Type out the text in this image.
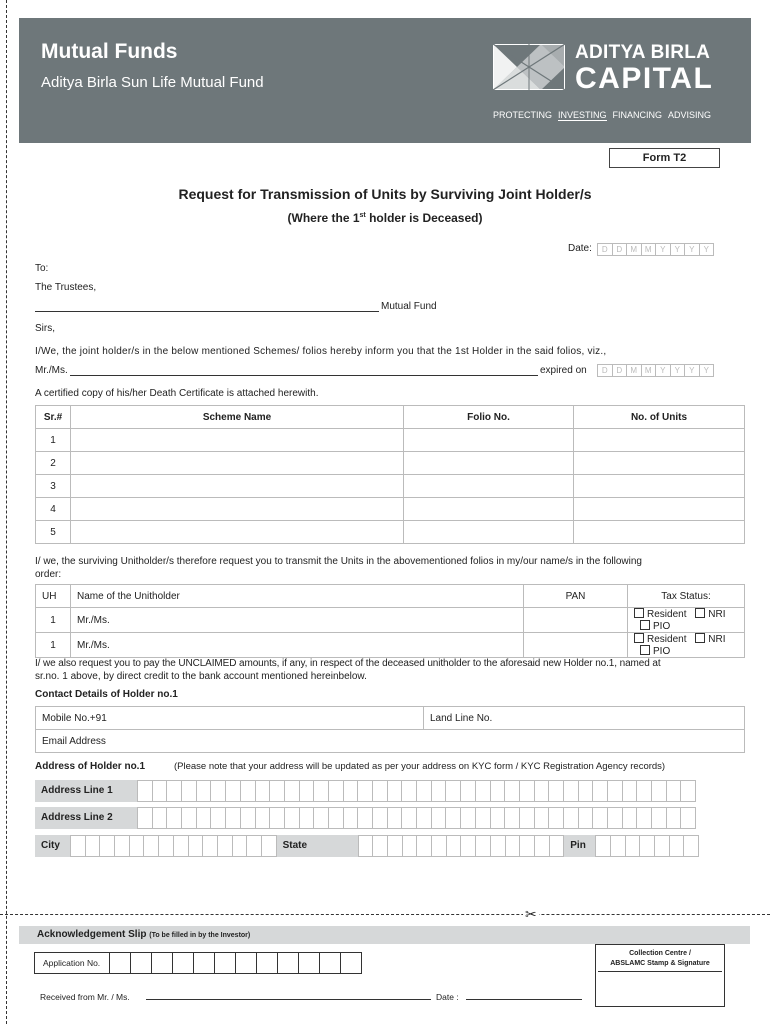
Mutual Funds
Aditya Birla Sun Life Mutual Fund
ADITYA BIRLA
CAPITAL
PROTECTING INVESTING FINANCING ADVISING
Form T2
Request for Transmission of Units by Surviving Joint Holder/s
(Where the 1st holder is Deceased)
Date:	D	D	M M	Y	Y	Y	Y
To:
The Trustees,
Mutual Fund
Sirs,
I/We, the joint holder/s in the below mentioned Schemes/ folios hereby inform you that the 1st Holder in the said folios, viz.,
Mr./Ms.	expired on	D	D	M M	Y	Y	Y	Y
A certified copy of his/her Death Certificate is attached herewith.
Sr.#	Scheme Name	Folio No.	No. of Units
1			
2			
3			
4			
5			
I/ we, the surviving Unitholder/s therefore request you to transmit the Units in the abovementioned folios in my/our name/s in the following
order:
UH	Name of the Unitholder	PAN	Tax Status:
1	Mr./Ms.		Resident NRI PIO
1	Mr./Ms.		Resident NRI PIO
I/ we also request you to pay the UNCLAIMED amounts, if any, in respect of the deceased unitholder to the aforesaid new Holder no.1, named at
sr.no. 1 above, by direct credit to the bank account mentioned hereinbelow.
Contact Details of Holder no.1
Mobile No.+91	Land Line No.
Email Address
Address of Holder no.1	(Please note that your address will be updated as per your address on KYC form / KYC Registration Agency records)
Address Line 1
Address Line 2
City	State	Pin
✂
Acknowledgement Slip (To be filled in by the Investor)
Application No.
Received from Mr. / Ms.	Date :
Collection Centre /
ABSLAMC Stamp & Signature
